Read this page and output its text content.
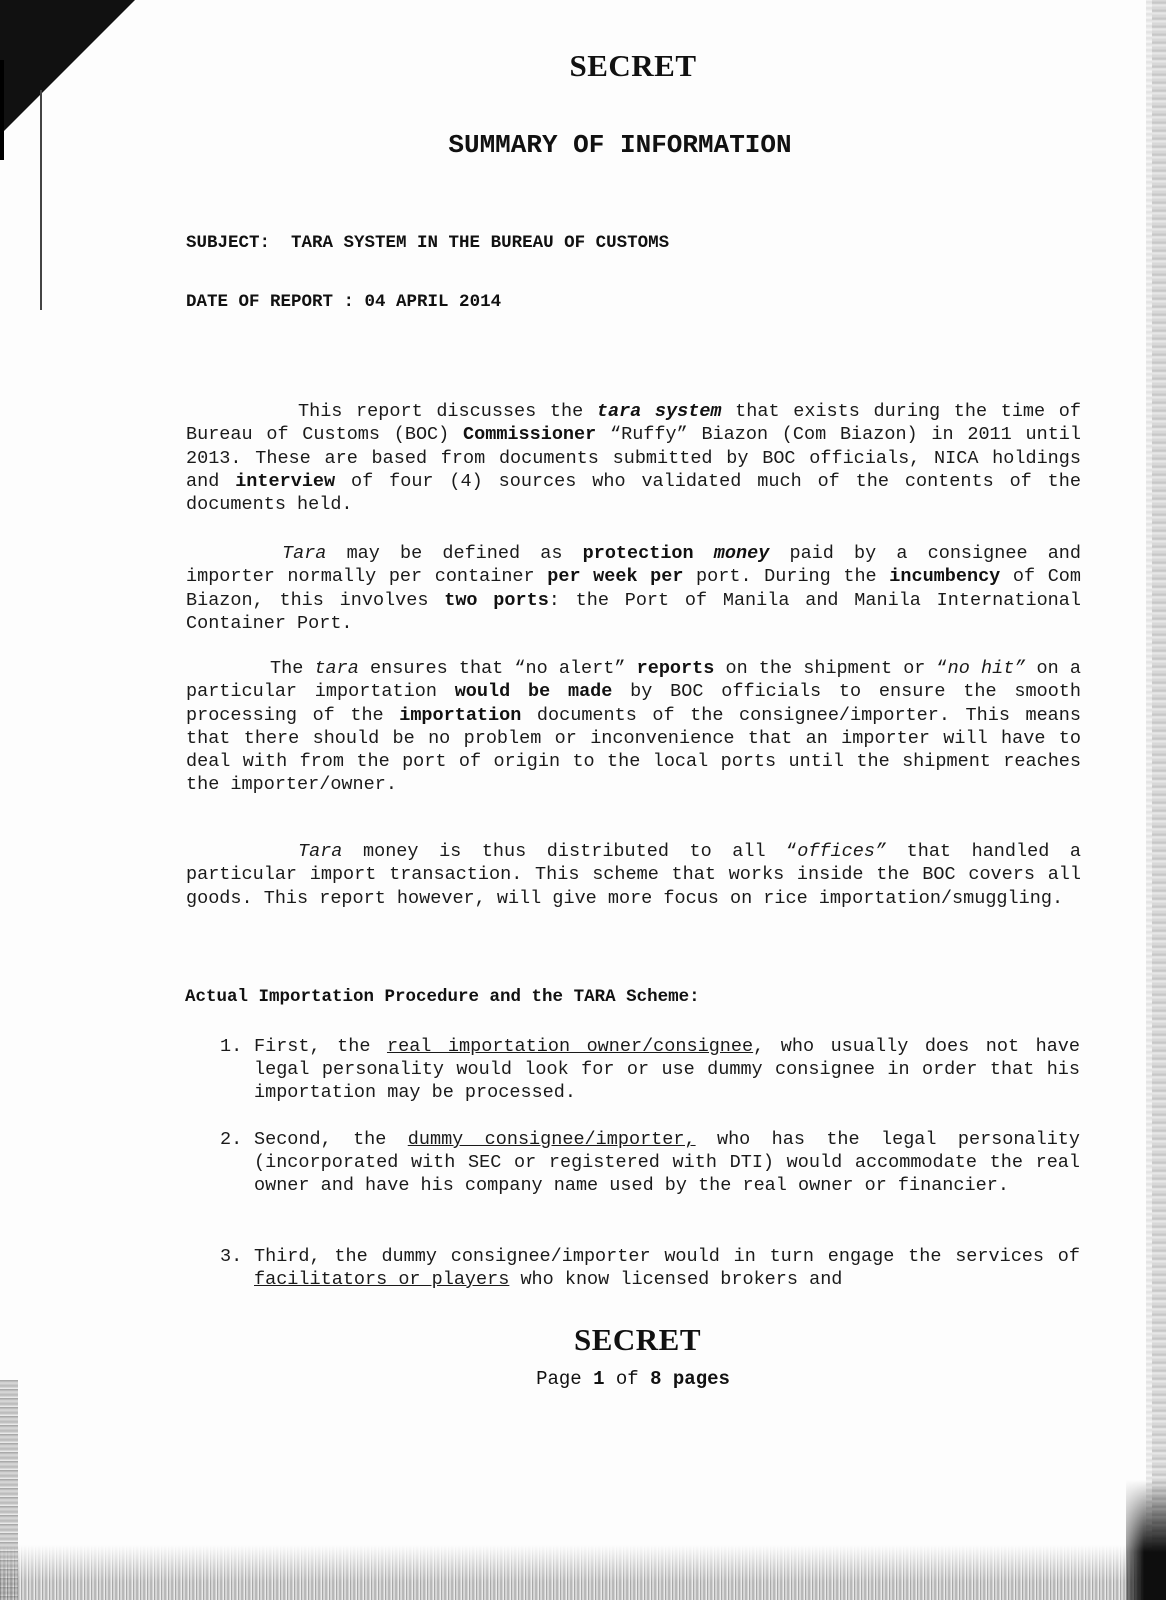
SECRET
SUMMARY OF INFORMATION
SUBJECT: TARA SYSTEM IN THE BUREAU OF CUSTOMS
DATE OF REPORT : 04 APRIL 2014
This report discusses the tara system that exists during the time of Bureau of Customs (BOC) Commissioner “Ruffy” Biazon (Com Biazon) in 2011 until 2013. These are based from documents submitted by BOC officials, NICA holdings and interview of four (4) sources who validated much of the contents of the documents held.
Tara may be defined as protection money paid by a consignee and importer normally per container per week per port. During the incumbency of Com Biazon, this involves two ports: the Port of Manila and Manila International Container Port.
The tara ensures that “no alert” reports on the shipment or “no hit” on a particular importation would be made by BOC officials to ensure the smooth processing of the importation documents of the consignee/importer. This means that there should be no problem or inconvenience that an importer will have to deal with from the port of origin to the local ports until the shipment reaches the importer/owner.
Tara money is thus distributed to all “offices” that handled a particular import transaction. This scheme that works inside the BOC covers all goods. This report however, will give more focus on rice importation/smuggling.
Actual Importation Procedure and the TARA Scheme:
1. First, the real importation owner/consignee, who usually does not have legal personality would look for or use dummy consignee in order that his importation may be processed.
2. Second, the dummy consignee/importer, who has the legal personality (incorporated with SEC or registered with DTI) would accommodate the real owner and have his company name used by the real owner or financier.
3. Third, the dummy consignee/importer would in turn engage the services of facilitators or players who know licensed brokers and
SECRET
Page 1 of 8 pages
